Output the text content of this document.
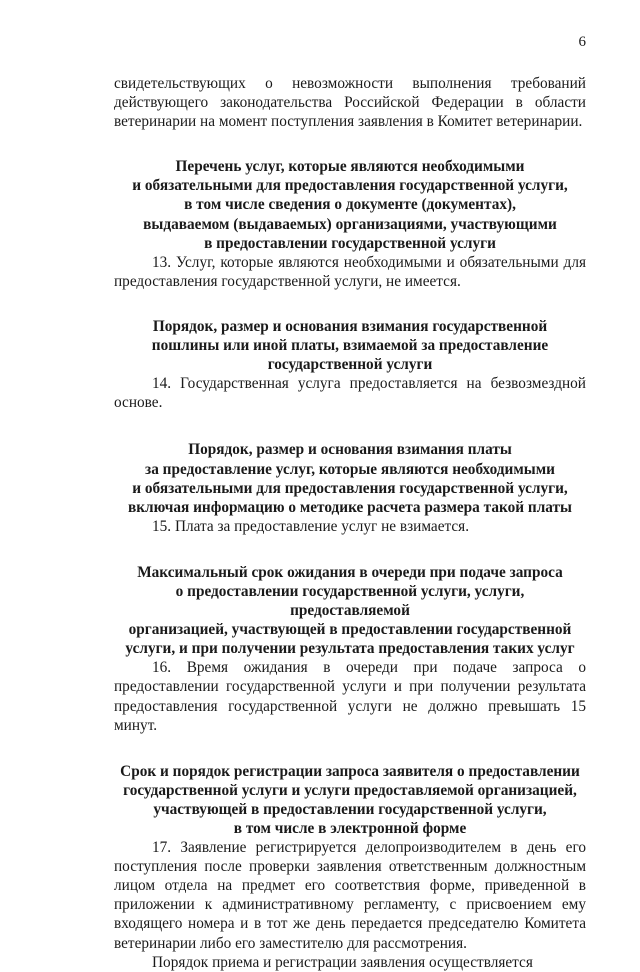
6

свидетельствующих о невозможности выполнения требований действующего законодательства Российской Федерации в области ветеринарии на момент поступления заявления в Комитет ветеринарии.

Перечень услуг, которые являются необходимыми
и обязательными для предоставления государственной услуги,
в том числе сведения о документе (документах),
выдаваемом (выдаваемых) организациями, участвующими
в предоставлении государственной услуги

13. Услуг, которые являются необходимыми и обязательными для предоставления государственной услуги, не имеется.

Порядок, размер и основания взимания государственной
пошлины или иной платы, взимаемой за предоставление
государственной услуги

14. Государственная услуга предоставляется на безвозмездной основе.

Порядок, размер и основания взимания платы
за предоставление услуг, которые являются необходимыми
и обязательными для предоставления государственной услуги,
включая информацию о методике расчета размера такой платы

15. Плата за предоставление услуг не взимается.

Максимальный срок ожидания в очереди при подаче запроса
о предоставлении государственной услуги, услуги, предоставляемой
организацией, участвующей в предоставлении государственной
услуги, и при получении результата предоставления таких услуг

16. Время ожидания в очереди при подаче запроса о предоставлении государственной услуги и при получении результата предоставления государственной услуги не должно превышать 15 минут.

Срок и порядок регистрации запроса заявителя о предоставлении
государственной услуги и услуги предоставляемой организацией,
участвующей в предоставлении государственной услуги,
в том числе в электронной форме

17. Заявление регистрируется делопроизводителем в день его поступления после проверки заявления ответственным должностным лицом отдела на предмет его соответствия форме, приведенной в приложении к административному регламенту, с присвоением ему входящего номера и в тот же день передается председателю Комитета ветеринарии либо его заместителю для рассмотрения.

Порядок приема и регистрации заявления осуществляется
